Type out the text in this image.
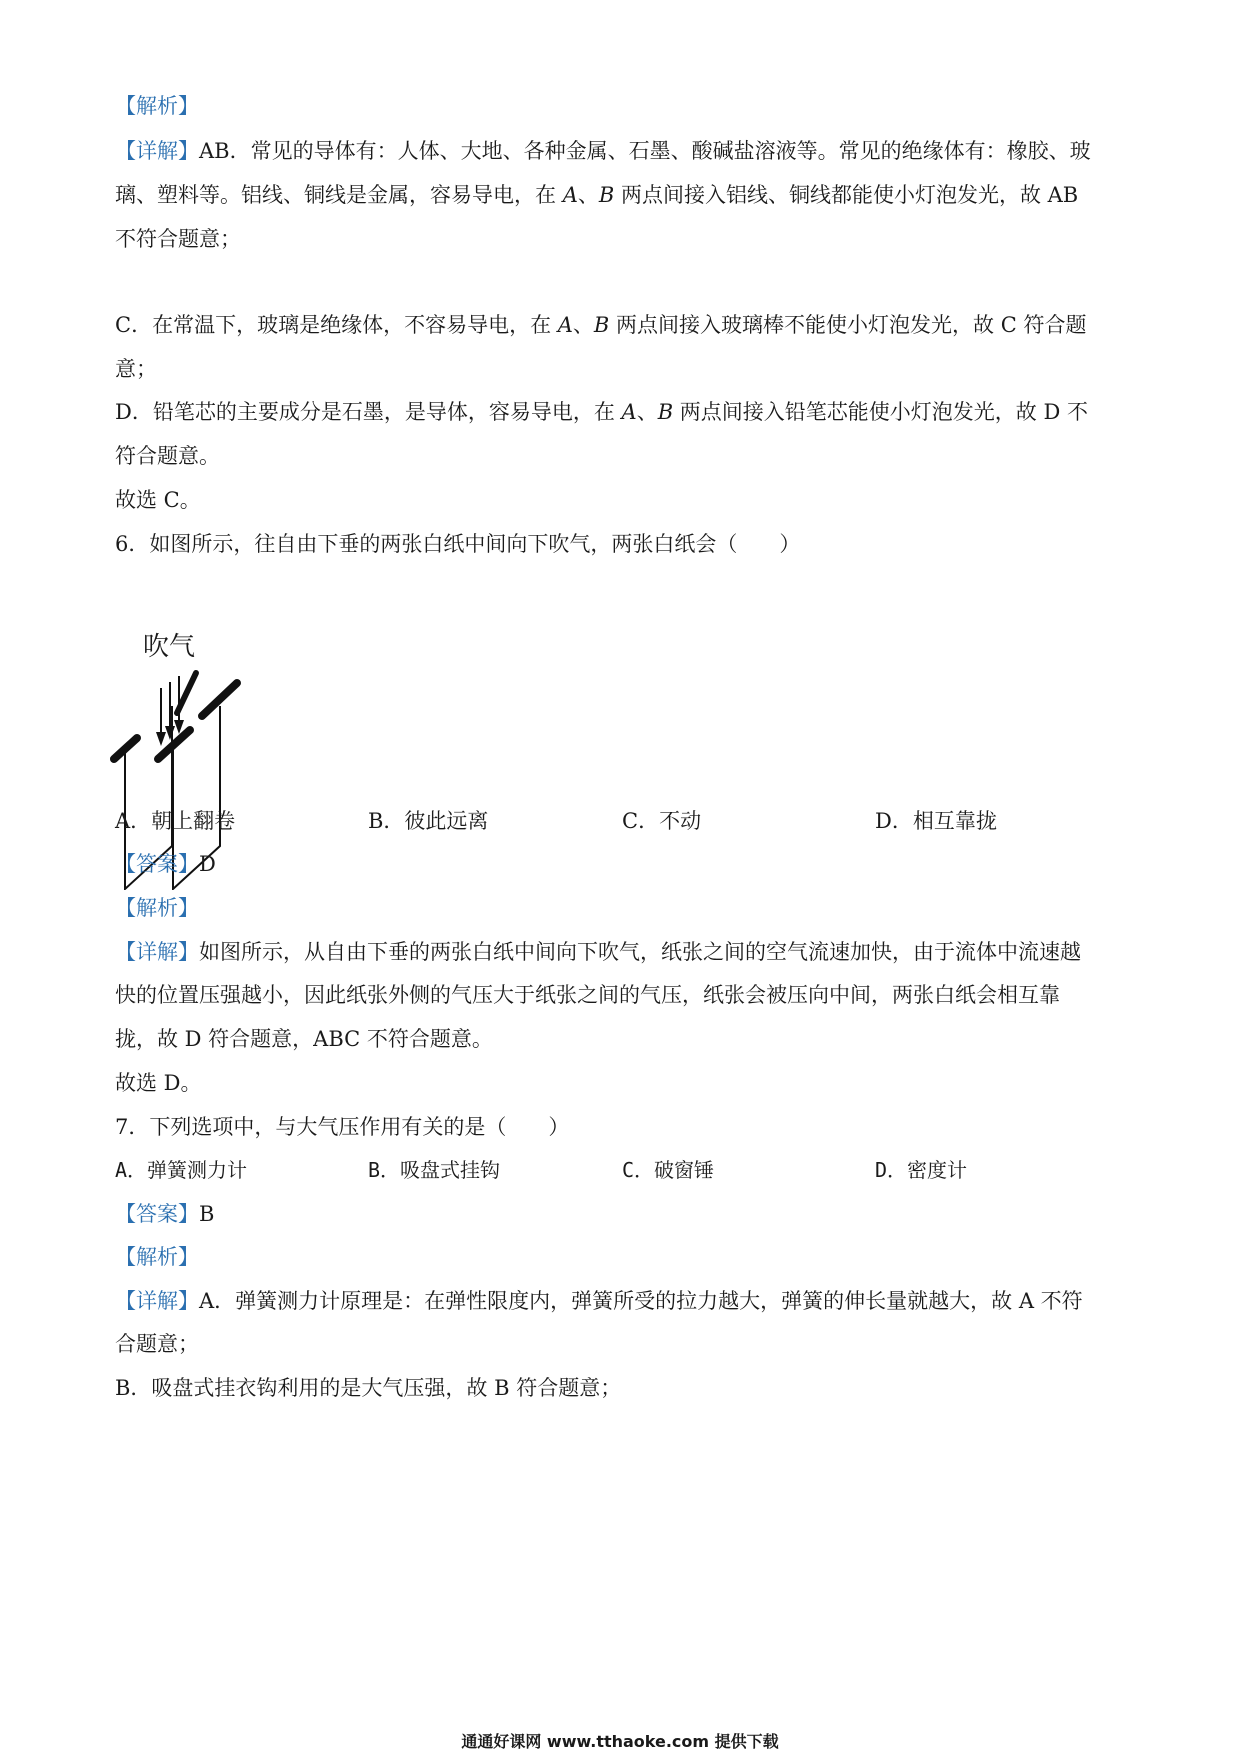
【解析】
【详解】AB．常见的导体有：人体、大地、各种金属、石墨、酸碱盐溶液等。常见的绝缘体有：橡胶、玻
璃、塑料等。铝线、铜线是金属，容易导电，在 A、B 两点间接入铝线、铜线都能使小灯泡发光，故 AB
不符合题意；
C．在常温下，玻璃是绝缘体，不容易导电，在 A、B 两点间接入玻璃棒不能使小灯泡发光，故 C 符合题
意；
D．铅笔芯的主要成分是石墨，是导体，容易导电，在 A、B 两点间接入铅笔芯能使小灯泡发光，故 D 不
符合题意。
故选 C。
6．如图所示，往自由下垂的两张白纸中间向下吹气，两张白纸会（　　）
吹气
A．朝上翻卷	B．彼此远离	C．不动	D．相互靠拢
【答案】D
【解析】
【详解】如图所示，从自由下垂的两张白纸中间向下吹气，纸张之间的空气流速加快，由于流体中流速越
快的位置压强越小，因此纸张外侧的气压大于纸张之间的气压，纸张会被压向中间，两张白纸会相互靠
拢，故 D 符合题意，ABC 不符合题意。
故选 D。
7．下列选项中，与大气压作用有关的是（　　）
A．弹簧测力计	B．吸盘式挂钩	C．破窗锤	D．密度计
【答案】B
【解析】
【详解】A．弹簧测力计原理是：在弹性限度内，弹簧所受的拉力越大，弹簧的伸长量就越大，故 A 不符
合题意；
B．吸盘式挂衣钩利用的是大气压强，故 B 符合题意；
通通好课网 www.tthaoke.com 提供下载
